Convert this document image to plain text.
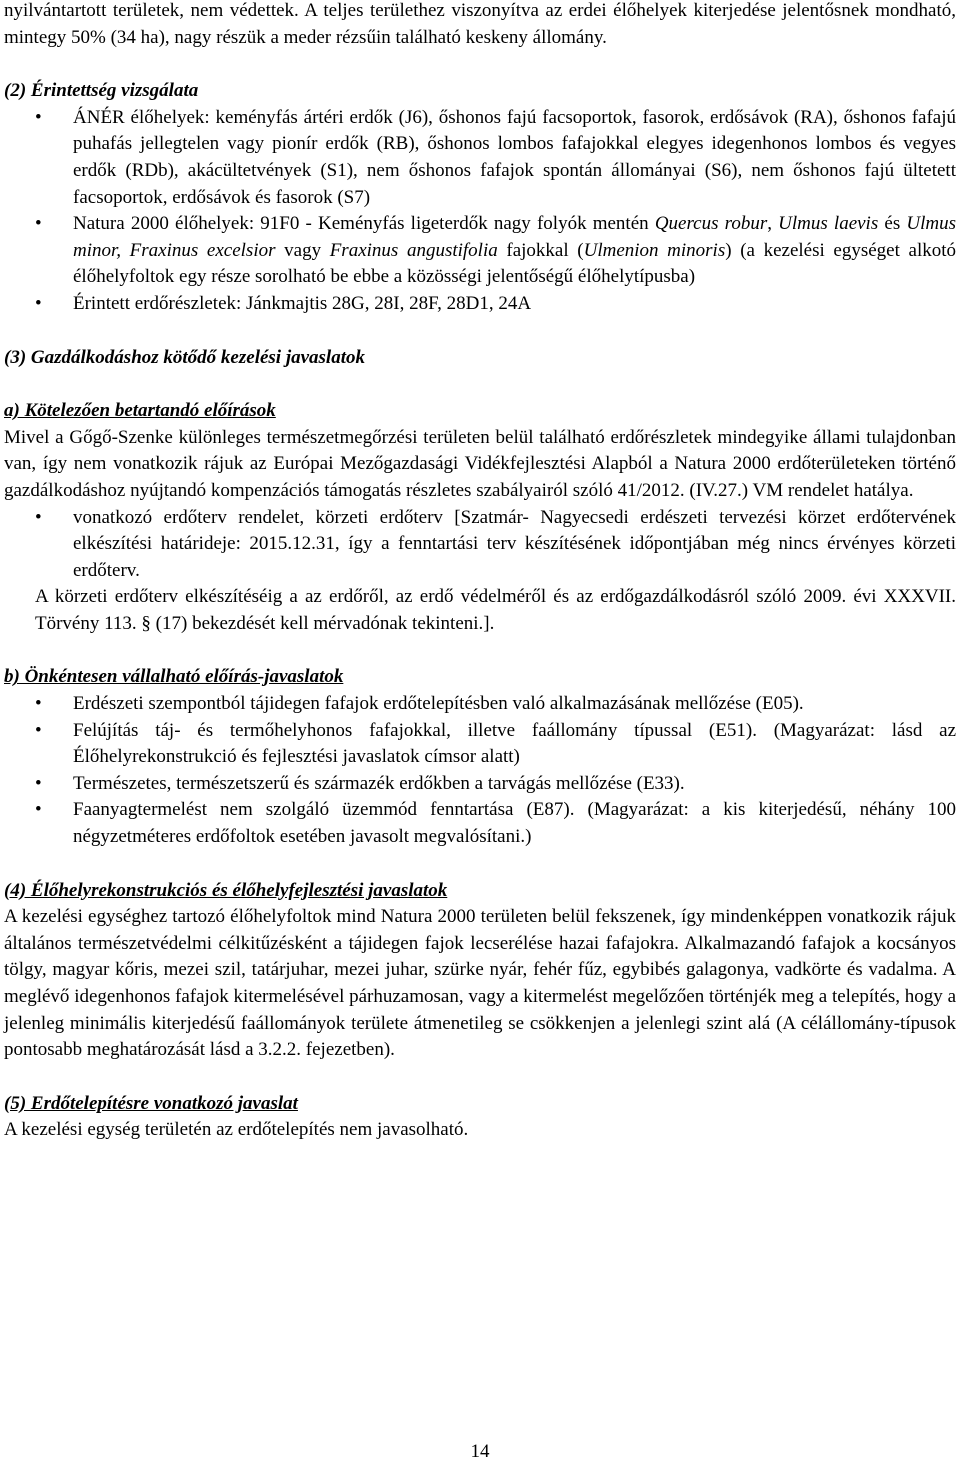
nyilvántartott területek, nem védettek. A teljes területhez viszonyítva az erdei élőhelyek kiterjedése jelentősnek mondható, mintegy 50% (34 ha), nagy részük a meder rézsűin található keskeny állomány.

(2) Érintettség vizsgálata

• ÁNÉR élőhelyek: keményfás ártéri erdők (J6), őshonos fajú facsoportok, fasorok, erdősávok (RA), őshonos fafajú puhafás jellegtelen vagy pionír erdők (RB), őshonos lombos fafajokkal elegyes idegenhonos lombos és vegyes erdők (RDb), akácültetvények (S1), nem őshonos fafajok spontán állományai (S6), nem őshonos fajú ültetett facsoportok, erdősávok és fasorok (S7)
• Natura 2000 élőhelyek: 91F0 - Keményfás ligeterdők nagy folyók mentén Quercus robur, Ulmus laevis és Ulmus minor, Fraxinus excelsior vagy Fraxinus angustifolia fajokkal (Ulmenion minoris) (a kezelési egységet alkotó élőhelyfoltok egy része sorolható be ebbe a közösségi jelentőségű élőhelytípusba)
• Érintett erdőrészletek: Jánkmajtis 28G, 28I, 28F, 28D1, 24A

(3) Gazdálkodáshoz kötődő kezelési javaslatok

a) Kötelezően betartandó előírások

Mivel a Gőgő-Szenke különleges természetmegőrzési területen belül található erdőrészletek mindegyike állami tulajdonban van, így nem vonatkozik rájuk az Európai Mezőgazdasági Vidékfejlesztési Alapból a Natura 2000 erdőterületeken történő gazdálkodáshoz nyújtandó kompenzációs támogatás részletes szabályairól szóló 41/2012. (IV.27.) VM rendelet hatálya.

• vonatkozó erdőterv rendelet, körzeti erdőterv [Szatmár- Nagyecsedi erdészeti tervezési körzet erdőtervének elkészítési határideje: 2015.12.31, így a fenntartási terv készítésének időpontjában még nincs érvényes körzeti erdőterv.

A körzeti erdőterv elkészítéséig a az erdőről, az erdő védelméről és az erdőgazdálkodásról szóló 2009. évi XXXVII. Törvény 113. § (17) bekezdését kell mérvadónak tekinteni.].

b) Önkéntesen vállalható előírás-javaslatok

• Erdészeti szempontból tájidegen fafajok erdőtelepítésben való alkalmazásának mellőzése (E05).
• Felújítás táj- és termőhelyhonos fafajokkal, illetve faállomány típussal (E51). (Magyarázat: lásd az Élőhelyrekonstrukció és fejlesztési javaslatok címsor alatt)
• Természetes, természetszerű és származék erdőkben a tarvágás mellőzése (E33).
• Faanyagtermelést nem szolgáló üzemmód fenntartása (E87). (Magyarázat: a kis kiterjedésű, néhány 100 négyzetméteres erdőfoltok esetében javasolt megvalósítani.)

(4) Élőhelyrekonstrukciós és élőhelyfejlesztési javaslatok

A kezelési egységhez tartozó élőhelyfoltok mind Natura 2000 területen belül fekszenek, így mindenképpen vonatkozik rájuk általános természetvédelmi célkitűzésként a tájidegen fajok lecserélése hazai fafajokra. Alkalmazandó fafajok a kocsányos tölgy, magyar kőris, mezei szil, tatárjuhar, mezei juhar, szürke nyár, fehér fűz, egybibés galagonya, vadkörte és vadalma. A meglévő idegenhonos fafajok kitermelésével párhuzamosan, vagy a kitermelést megelőzően történjék meg a telepítés, hogy a jelenleg minimális kiterjedésű faállományok területe átmenetileg se csökkenjen a jelenlegi szint alá (A célállomány-típusok pontosabb meghatározását lásd a 3.2.2. fejezetben).

(5) Erdőtelepítésre vonatkozó javaslat

A kezelési egység területén az erdőtelepítés nem javasolható.

14
